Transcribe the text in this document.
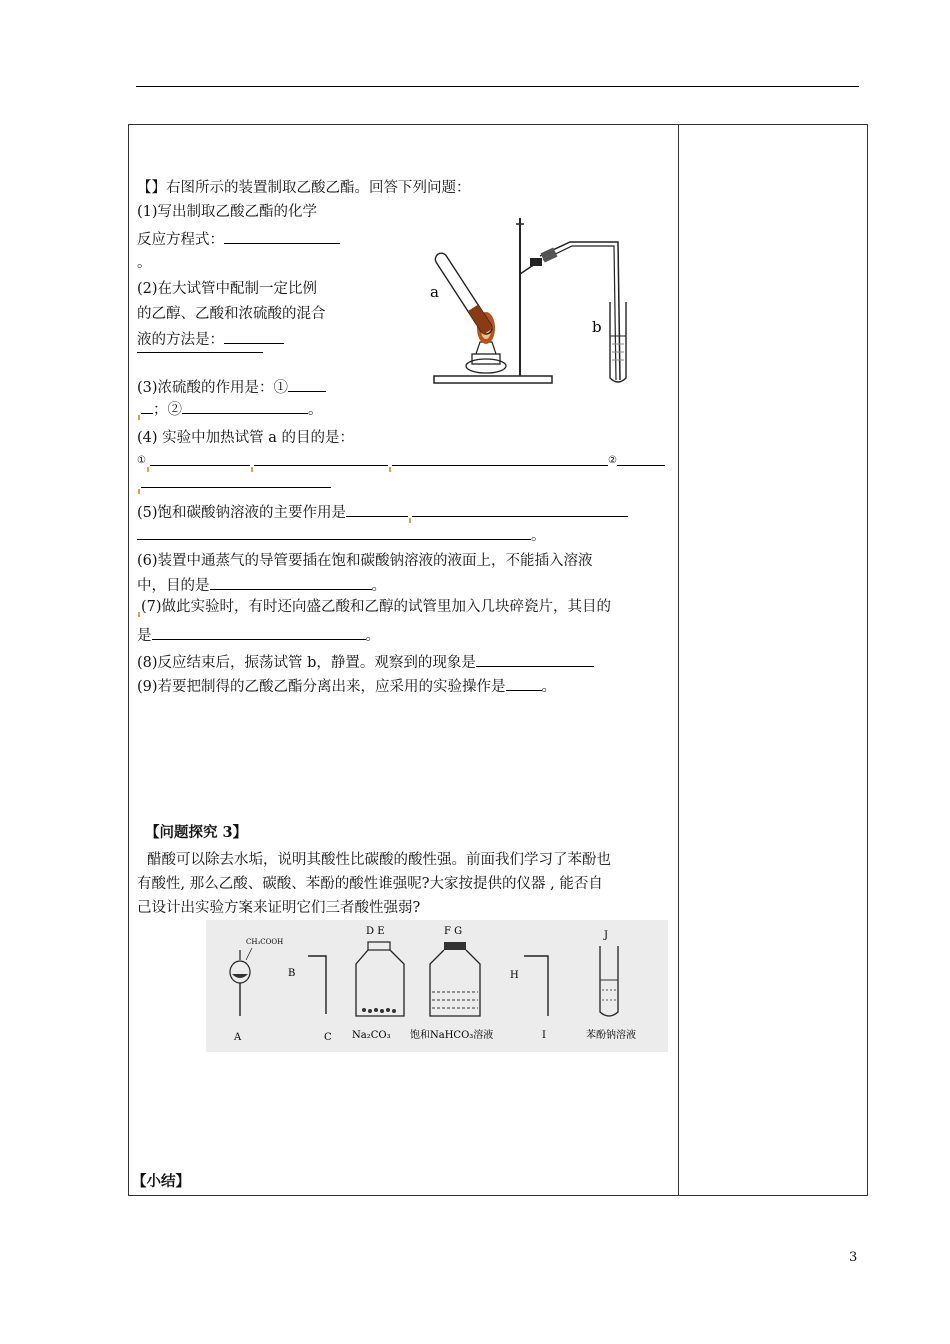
【】右图所示的装置制取乙酸乙酯。回答下列问题：
(1)写出制取乙酸乙酯的化学
反应方程式：
。
(2)在大试管中配制一定比例
的乙醇、乙酸和浓硫酸的混合
液的方法是：
(3)浓硫酸的作用是：①
；②	。
(4) 实验中加热试管 a 的目的是：
①	②
(5)饱和碳酸钠溶液的主要作用是
。
(6)装置中通蒸气的导管要插在饱和碳酸钠溶液的液面上，不能插入溶液
中，目的是	。
(7)做此实验时，有时还向盛乙酸和乙醇的试管里加入几块碎瓷片，其目的
是	。
(8)反应结束后，振荡试管 b，静置。观察到的现象是
(9)若要把制得的乙酸乙酯分离出来，应采用的实验操作是 。
a
b
【问题探究 3】
醋酸可以除去水垢，说明其酸性比碳酸的酸性强。前面我们学习了苯酚也
有酸性, 那么乙酸、碳酸、苯酚的酸性谁强呢?大家按提供的仪器 , 能否自
己设计出实验方案来证明它们三者酸性强弱?
CH₃COOH
A
B
C
D E
Na₂CO₃
F G
饱和NaHCO₃溶液
H
I
J
苯酚钠溶液
【小结】
3
